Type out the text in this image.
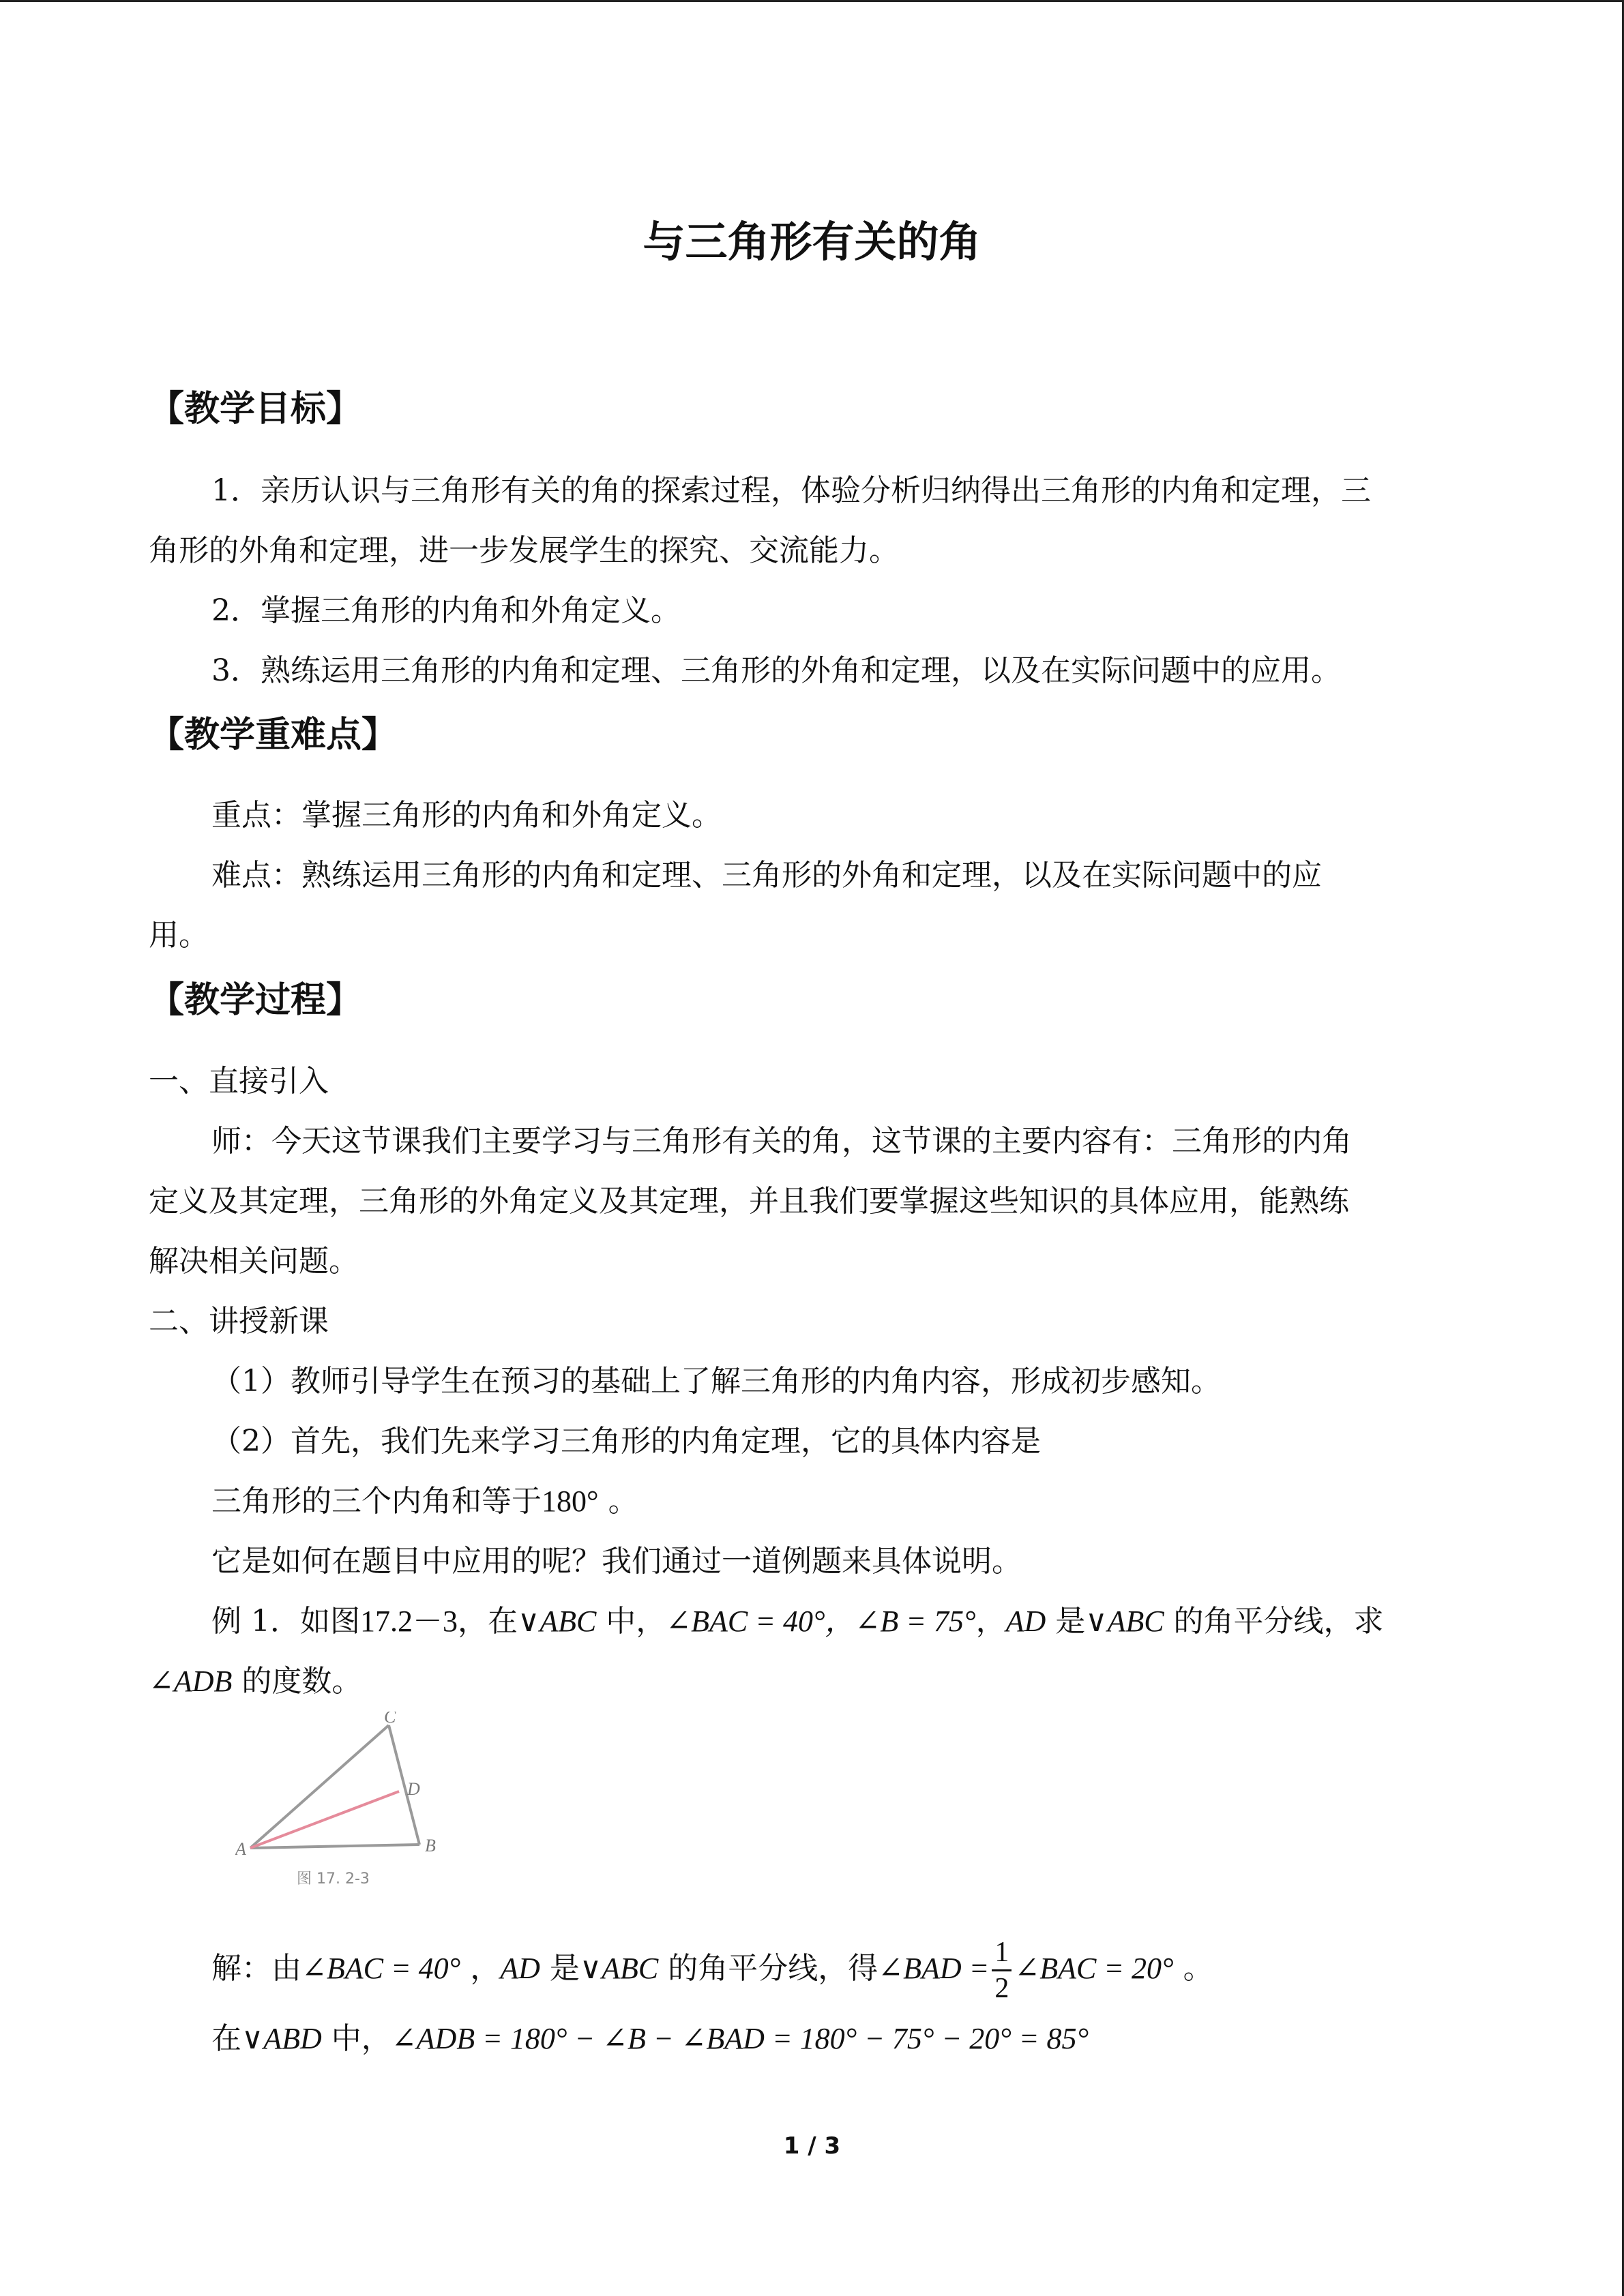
与三角形有关的角
【教学目标】
1．亲历认识与三角形有关的角的探索过程，体验分析归纳得出三角形的内角和定理，三
角形的外角和定理，进一步发展学生的探究、交流能力。
2．掌握三角形的内角和外角定义。
3．熟练运用三角形的内角和定理、三角形的外角和定理，以及在实际问题中的应用。
【教学重难点】
重点：掌握三角形的内角和外角定义。
难点：熟练运用三角形的内角和定理、三角形的外角和定理，以及在实际问题中的应
用。
【教学过程】
一、直接引入
师：今天这节课我们主要学习与三角形有关的角，这节课的主要内容有：三角形的内角
定义及其定理，三角形的外角定义及其定理，并且我们要掌握这些知识的具体应用，能熟练
解决相关问题。
二、讲授新课
（1）教师引导学生在预习的基础上了解三角形的内角内容，形成初步感知。
（2）首先，我们先来学习三角形的内角定理，它的具体内容是
三角形的三个内角和等于180° 。
它是如何在题目中应用的呢？我们通过一道例题来具体说明。
例 1．如图17.2－3，在∨ABC 中，∠BAC = 40°，∠B = 75°，AD 是∨ABC 的角平分线，求
∠ADB 的度数。
A	B
C
D
图 17. 2-3
解：由∠BAC = 40° ，AD 是∨ABC 的角平分线，得∠BAD = $\frac{1}{2}$ ∠BAC = 20° 。
在∨ABD 中，∠ADB = 180° − ∠B − ∠BAD = 180° − 75° − 20° = 85°
1 / 3
